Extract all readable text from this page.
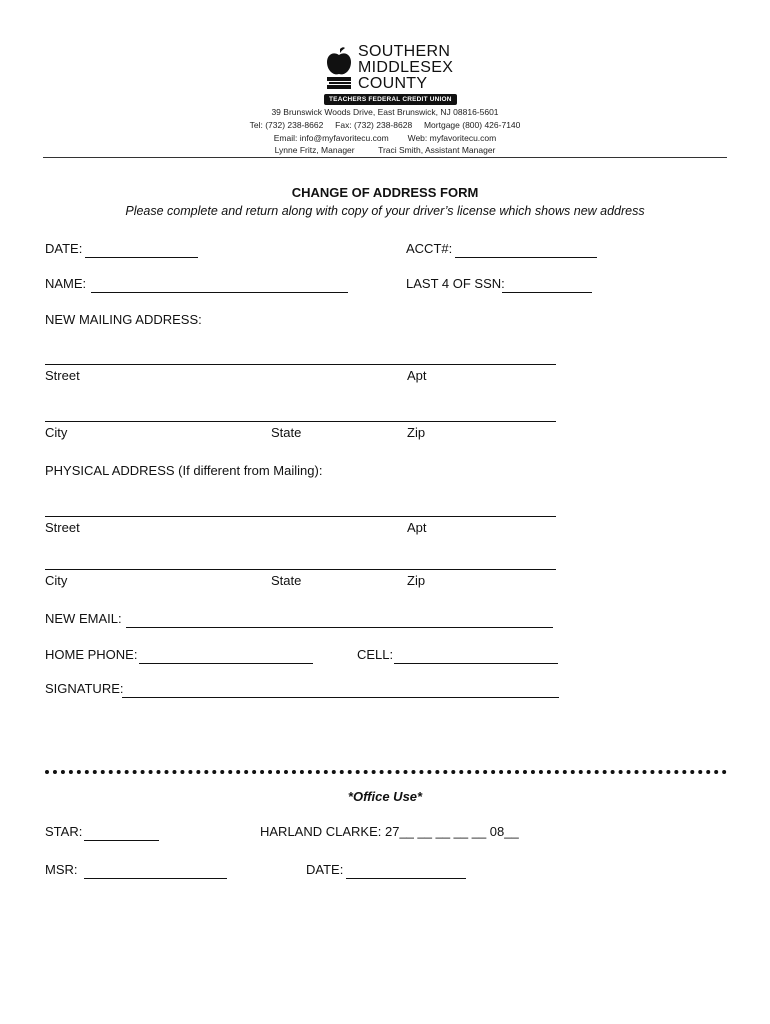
SOUTHERN
MIDDLESEX
COUNTY
TEACHERS FEDERAL CREDIT UNION
39 Brunswick Woods Drive, East Brunswick, NJ 08816-5601
Tel: (732) 238-8662     Fax: (732) 238-8628     Mortgage (800) 426-7140
Email: info@myfavoritecu.com        Web: myfavoritecu.com
Lynne Fritz, Manager          Traci Smith, Assistant Manager
CHANGE OF ADDRESS FORM
Please complete and return along with copy of your driver’s license which shows new address
DATE:	ACCT#:
NAME:	LAST 4 OF SSN:
NEW MAILING ADDRESS:
Street	Apt
City	State	Zip
PHYSICAL ADDRESS (If different from Mailing):
Street	Apt
City	State	Zip
NEW EMAIL:
HOME PHONE:	CELL:
SIGNATURE:
*Office Use*
STAR:	HARLAND CLARKE: 27__ __ __ __ __ 08__
MSR:	DATE:
